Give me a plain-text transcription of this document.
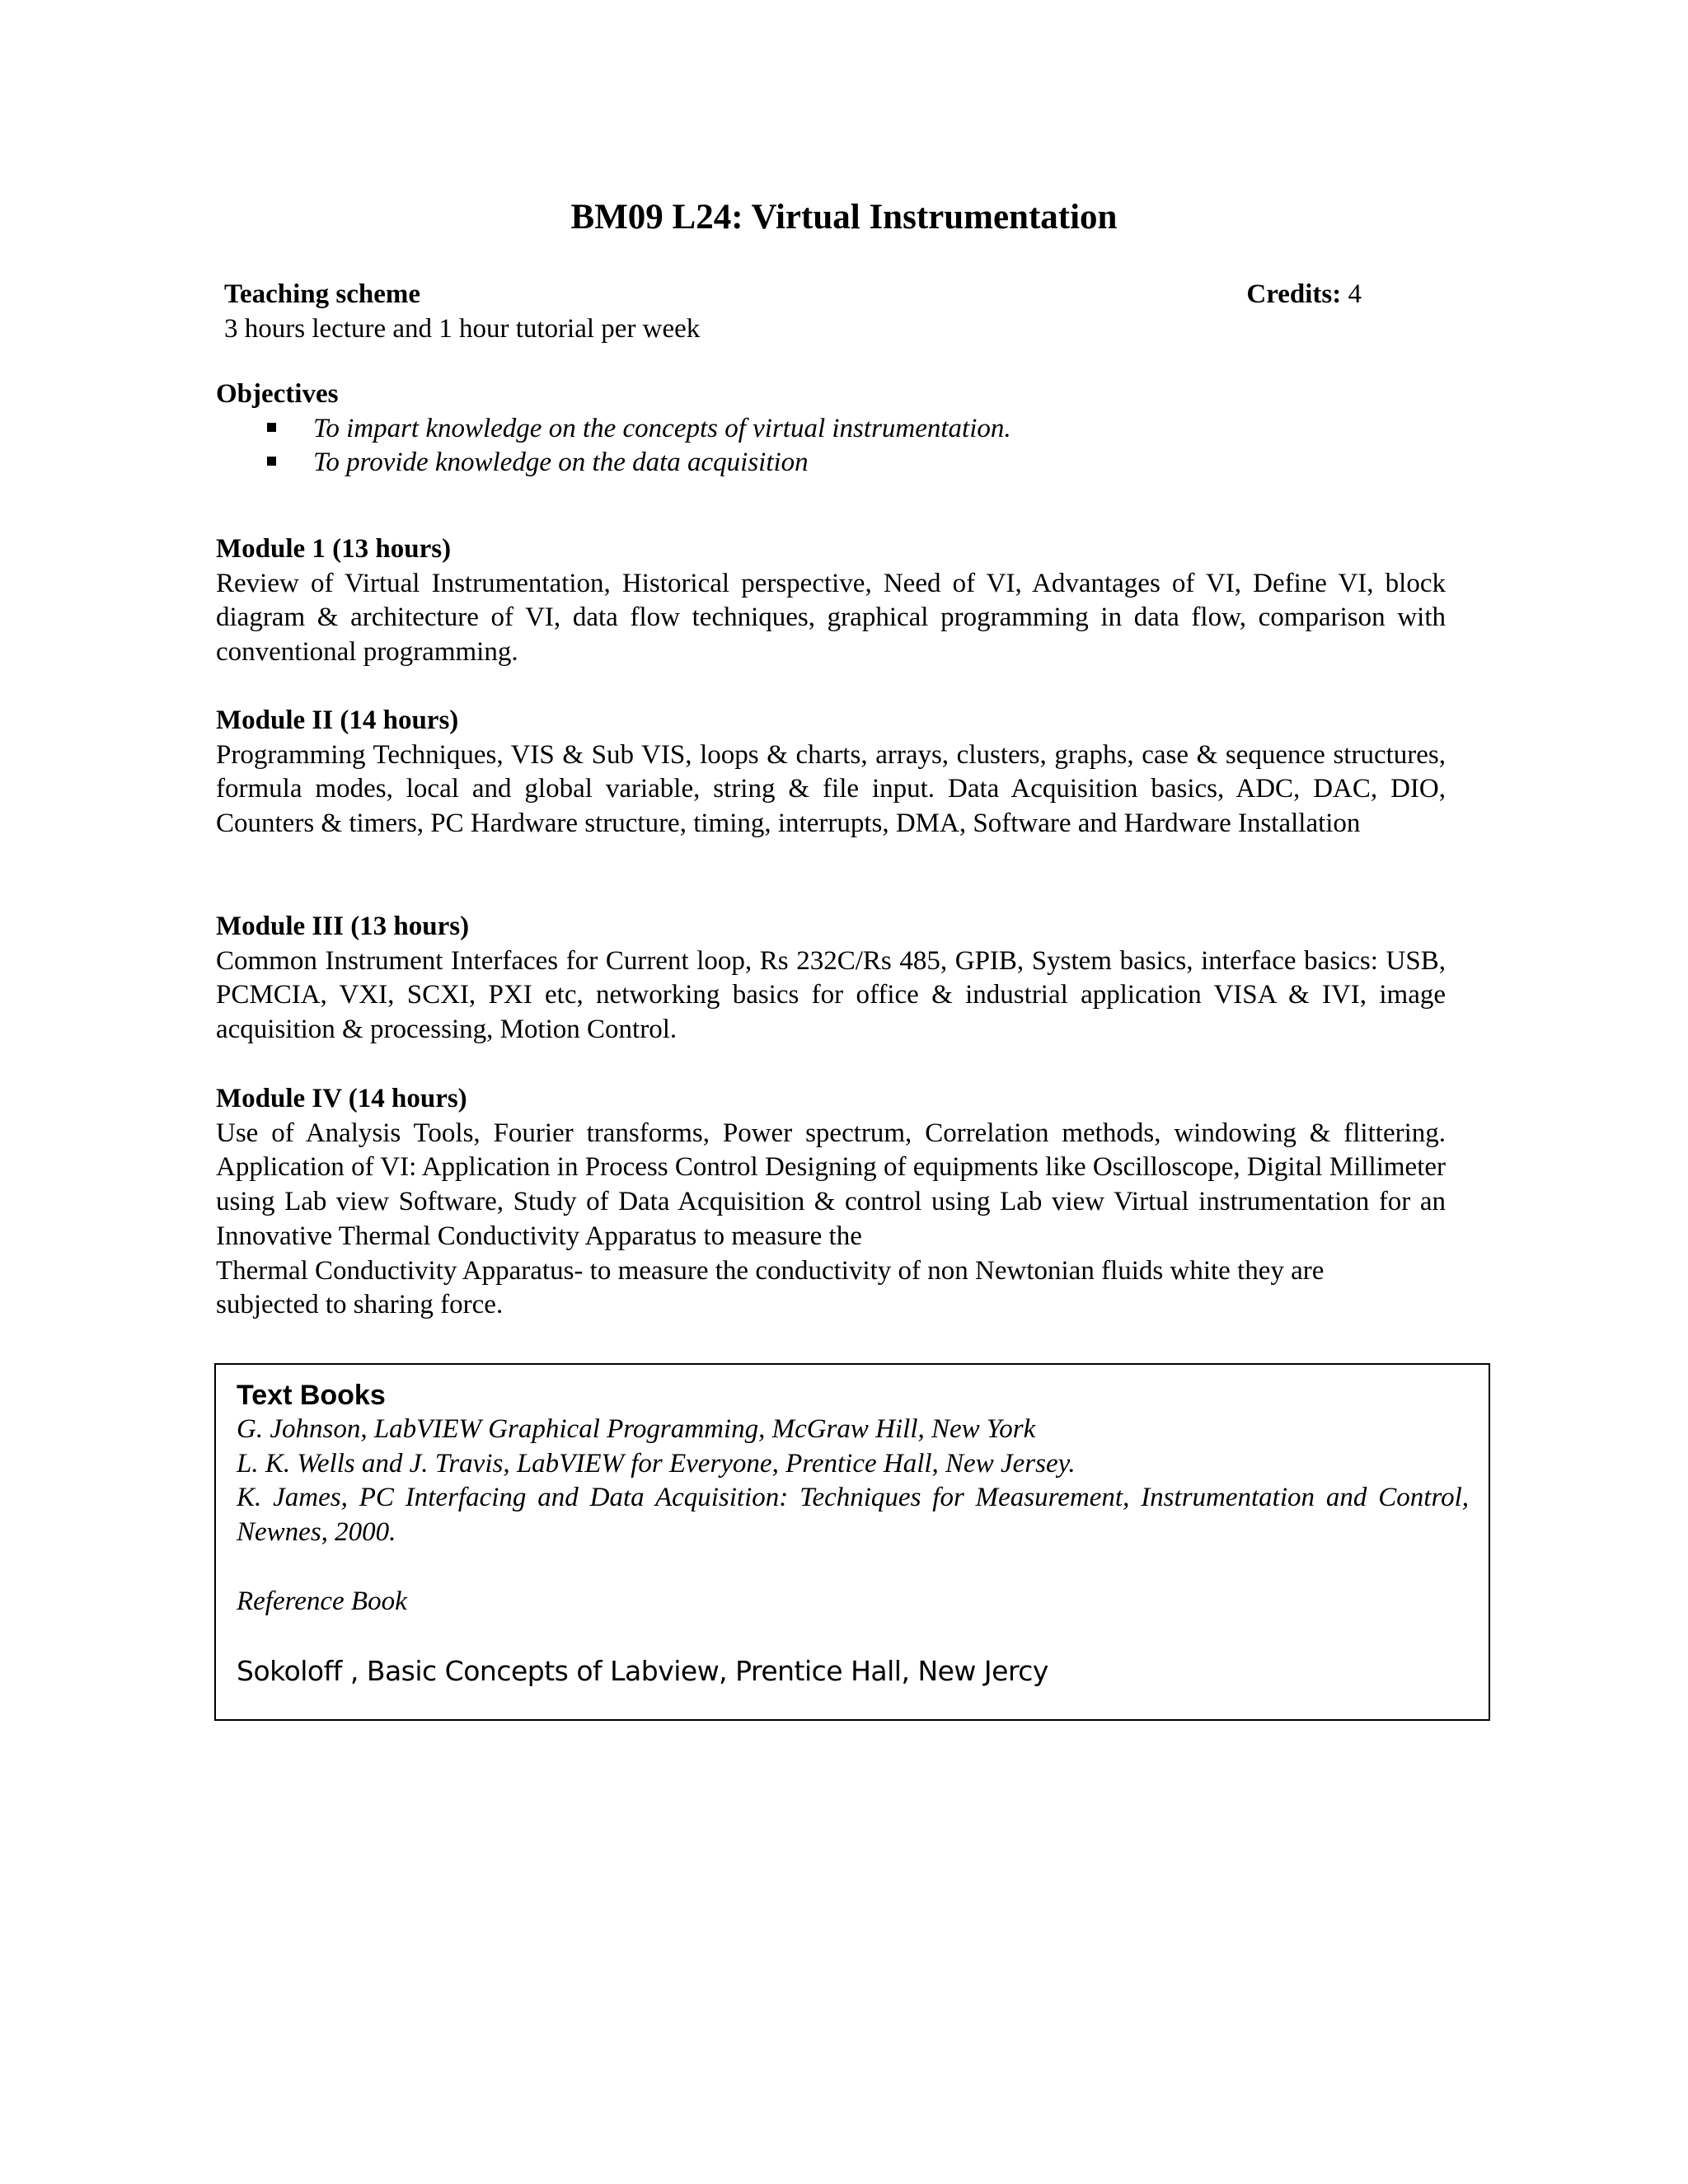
BM09 L24: Virtual Instrumentation
Teaching scheme	Credits: 4
3 hours lecture and 1 hour tutorial per week
Objectives
To impart knowledge on the concepts of virtual instrumentation.
To provide knowledge on the data acquisition
Module 1 (13 hours)
Review of Virtual Instrumentation, Historical perspective, Need of VI, Advantages of VI, Define VI, block diagram & architecture of VI, data flow techniques, graphical programming in data flow, comparison with conventional programming.
Module II (14 hours)
Programming Techniques, VIS & Sub VIS, loops & charts, arrays, clusters, graphs, case & sequence structures, formula modes, local and global variable, string & file input. Data Acquisition basics, ADC, DAC, DIO, Counters & timers, PC Hardware structure, timing, interrupts, DMA, Software and Hardware Installation
Module III (13 hours)
Common Instrument Interfaces for Current loop, Rs 232C/Rs 485, GPIB, System basics, interface basics: USB, PCMCIA, VXI, SCXI, PXI etc, networking basics for office & industrial application VISA & IVI, image acquisition & processing, Motion Control.
Module IV (14 hours)
Use of Analysis Tools, Fourier transforms, Power spectrum, Correlation methods, windowing & flittering. Application of VI: Application in Process Control Designing of equipments like Oscilloscope, Digital Millimeter using Lab view Software, Study of Data Acquisition & control using Lab view Virtual instrumentation for an Innovative Thermal Conductivity Apparatus to measure the
Thermal Conductivity Apparatus- to measure the conductivity of non Newtonian fluids white they are
subjected to sharing force.
Text Books
G. Johnson, LabVIEW Graphical Programming, McGraw Hill, New York
L. K. Wells and J. Travis, LabVIEW for Everyone, Prentice Hall, New Jersey.
K. James, PC Interfacing and Data Acquisition: Techniques for Measurement, Instrumentation and Control, Newnes, 2000.
Reference Book
Sokoloff , Basic Concepts of Labview, Prentice Hall, New Jercy
